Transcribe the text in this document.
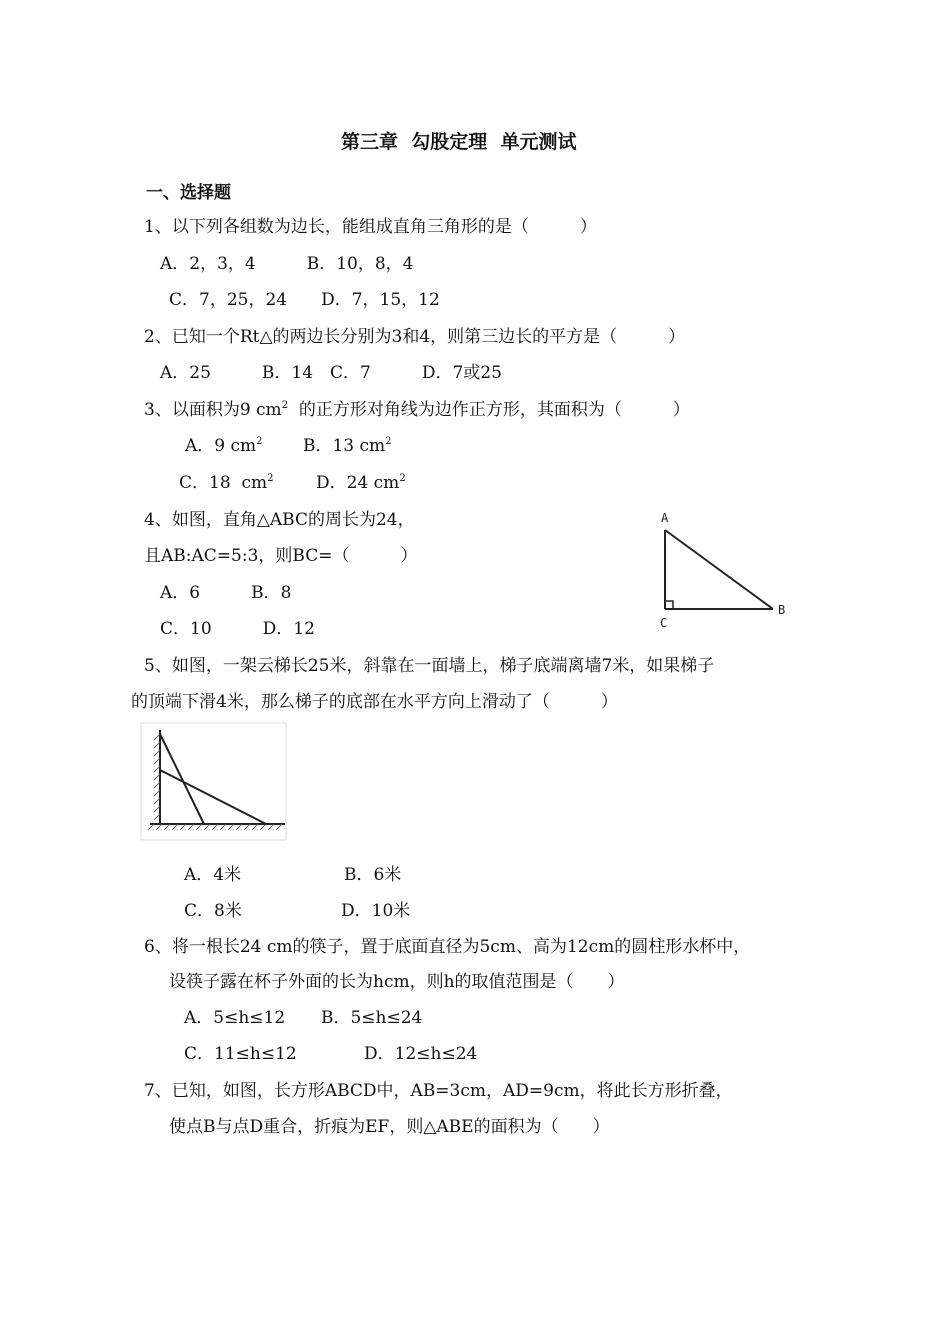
第三章  勾股定理  单元测试
一、选择题
1、以下列各组数为边长，能组成直角三角形的是（　　　）
A．2，3，4　　　B．10，8，4
C．7，25，24　　D．7，15，12
2、已知一个Rt△的两边长分别为3和4，则第三边长的平方是（　　　）
A．25　　　B．14　C．7　　　D．7或25
3、以面积为9 $cm^2$  的正方形对角线为边作正方形，其面积为（　　　）
A．9 $cm^2$ B．13 $cm^2$
C．18  $cm^2$	D．24 $cm^2$
4、如图，直角△ABC的周长为24，
且AB:AC=5:3，则BC=（　　　）
A．6　　　B．8
C．10　　　D．12
A
B
C
5、如图，一架云梯长25米，斜靠在一面墙上，梯子底端离墙7米，如果梯子
的顶端下滑4米，那么梯子的底部在水平方向上滑动了（　　　）
A．4米	B．6米
C．8米	D．10米
6、将一根长24 cm的筷子，置于底面直径为5cm、高为12cm的圆柱形水杯中，
设筷子露在杯子外面的长为hcm，则h的取值范围是（　　）
A．5≤h≤12 B．5≤h≤24
C．11≤h≤12	D．12≤h≤24
7、已知，如图，长方形ABCD中，AB=3cm，AD=9cm，将此长方形折叠，
使点B与点D重合，折痕为EF，则△ABE的面积为（　　）
